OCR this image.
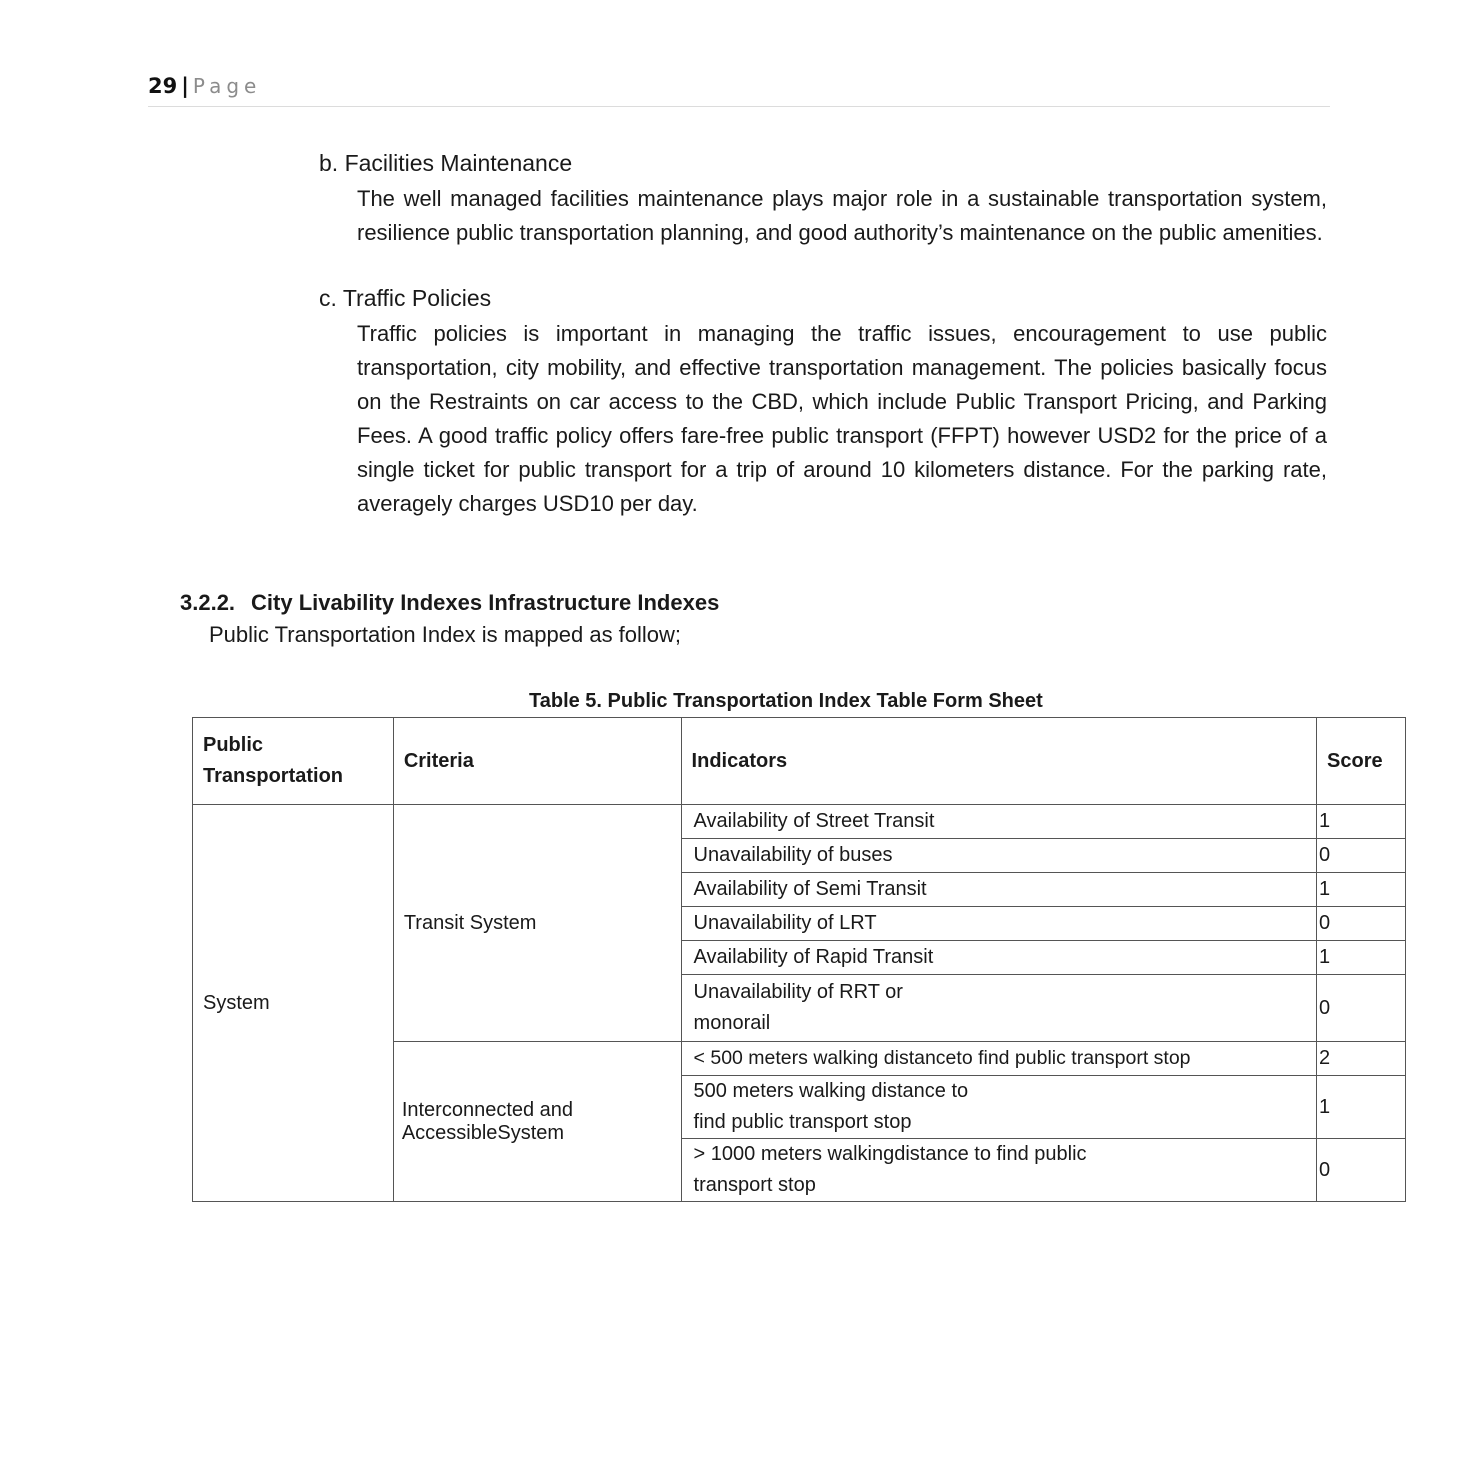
29 | Page
b. Facilities Maintenance
The well managed facilities maintenance plays major role in a sustainable transportation system, resilience public transportation planning, and good authority’s maintenance on the public amenities.
c. Traffic Policies
Traffic policies is important in managing the traffic issues, encouragement to use public transportation, city mobility, and effective transportation management. The policies basically focus on the Restraints on car access to the CBD, which include Public Transport Pricing, and Parking Fees. A good traffic policy offers fare-free public transport (FFPT) however USD2 for the price of a single ticket for public transport for a trip of around 10 kilometers distance. For the parking rate, averagely charges USD10 per day.
3.2.2. City Livability Indexes Infrastructure Indexes
Public Transportation Index is mapped as follow;
Table 5. Public Transportation Index Table Form Sheet
Public Transportation	Criteria	Indicators	Score
System	Transit System	Availability of Street Transit	1
		Unavailability of buses	0
		Availability of Semi Transit	1
		Unavailability of LRT	0
		Availability of Rapid Transit	1
		Unavailability of RRT or monorail	0
	Interconnected and AccessibleSystem	< 500 meters walking distanceto find public transport stop	2
		500 meters walking distance to find public transport stop	1
		> 1000 meters walkingdistance to find public transport stop	0
